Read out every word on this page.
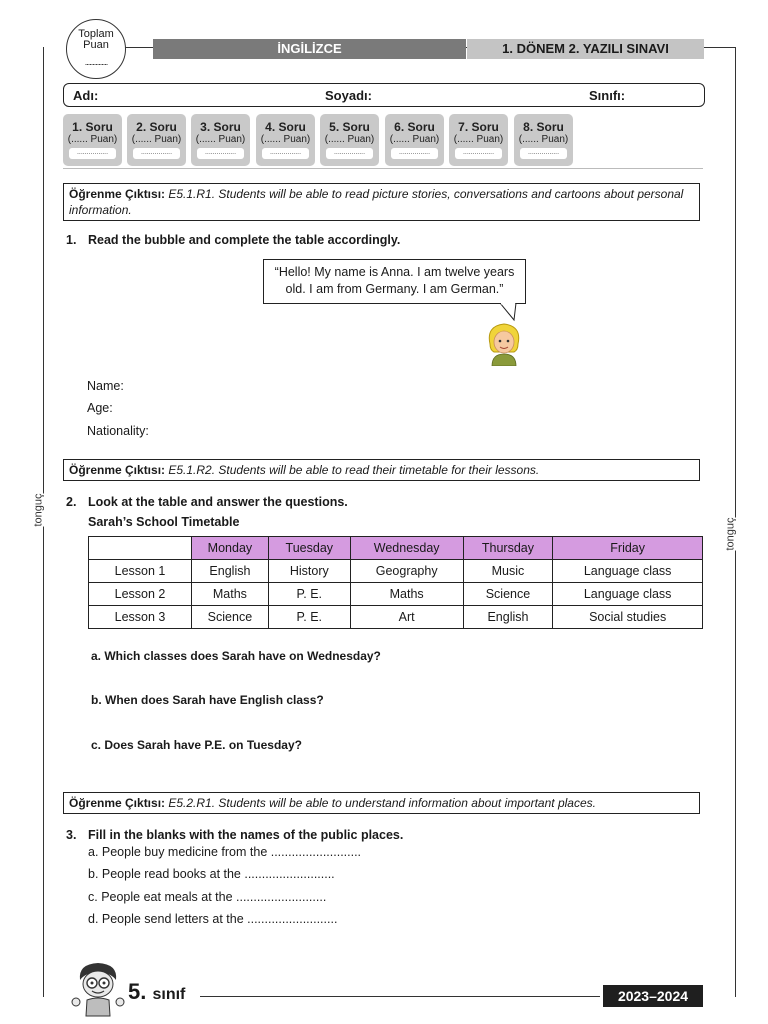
tonguç
tonguç
Toplam
Puan
...............
İNGİLİZCE	1. DÖNEM 2. YAZILI SINAVI
Adı:	Soyadı:	Sınıfı:
1. Soru
(...... Puan)
................
2. Soru
(...... Puan)
................
3. Soru
(...... Puan)
................
4. Soru
(...... Puan)
................
5. Soru
(...... Puan)
................
6. Soru
(...... Puan)
................
7. Soru
(...... Puan)
................
8. Soru
(...... Puan)
................
Öğrenme Çıktısı: E5.1.R1. Students will be able to read picture stories, conversations and cartoons about personal information.
1. Read the bubble and complete the table accordingly.
“Hello! My name is Anna. I am twelve years
old. I am from Germany. I am German.”
Name:
Age:
Nationality:
Öğrenme Çıktısı: E5.1.R2. Students will be able to read their timetable for their lessons.
2. Look at the table and answer the questions.
Sarah’s School Timetable
	Monday	Tuesday	Wednesday	Thursday	Friday
Lesson 1	English	History	Geography	Music	Language class
Lesson 2	Maths	P. E.	Maths	Science	Language class
Lesson 3	Science	P. E.	Art	English	Social studies
a. Which classes does Sarah have on Wednesday?
b. When does Sarah have English class?
c. Does Sarah have P.E. on Tuesday?
Öğrenme Çıktısı: E5.2.R1. Students will be able to understand information about important places.
3. Fill in the blanks with the names of the public places.
a. People buy medicine from the ..........................
b. People read books at the ..........................
c. People eat meals at the ..........................
d. People send letters at the ..........................
5. sınıf	2023–2024
